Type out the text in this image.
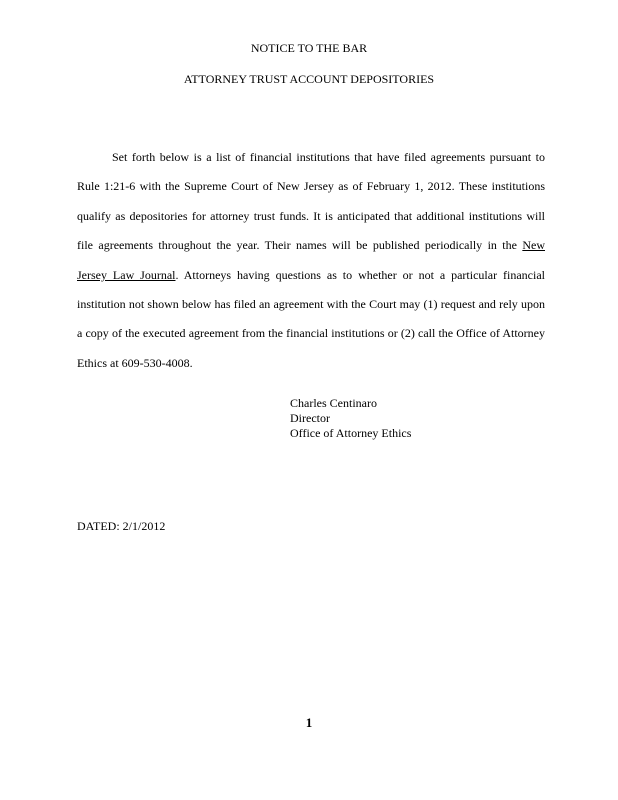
NOTICE TO THE BAR
ATTORNEY TRUST ACCOUNT DEPOSITORIES

Set forth below is a list of financial institutions that have filed agreements pursuant to Rule 1:21-6 with the Supreme Court of New Jersey as of February 1, 2012. These institutions qualify as depositories for attorney trust funds. It is anticipated that additional institutions will file agreements throughout the year. Their names will be published periodically in the New Jersey Law Journal. Attorneys having questions as to whether or not a particular financial institution not shown below has filed an agreement with the Court may (1) request and rely upon a copy of the executed agreement from the financial institutions or (2) call the Office of Attorney Ethics at 609-530-4008.

Charles Centinaro
Director
Office of Attorney Ethics
DATED: 2/1/2012
1
